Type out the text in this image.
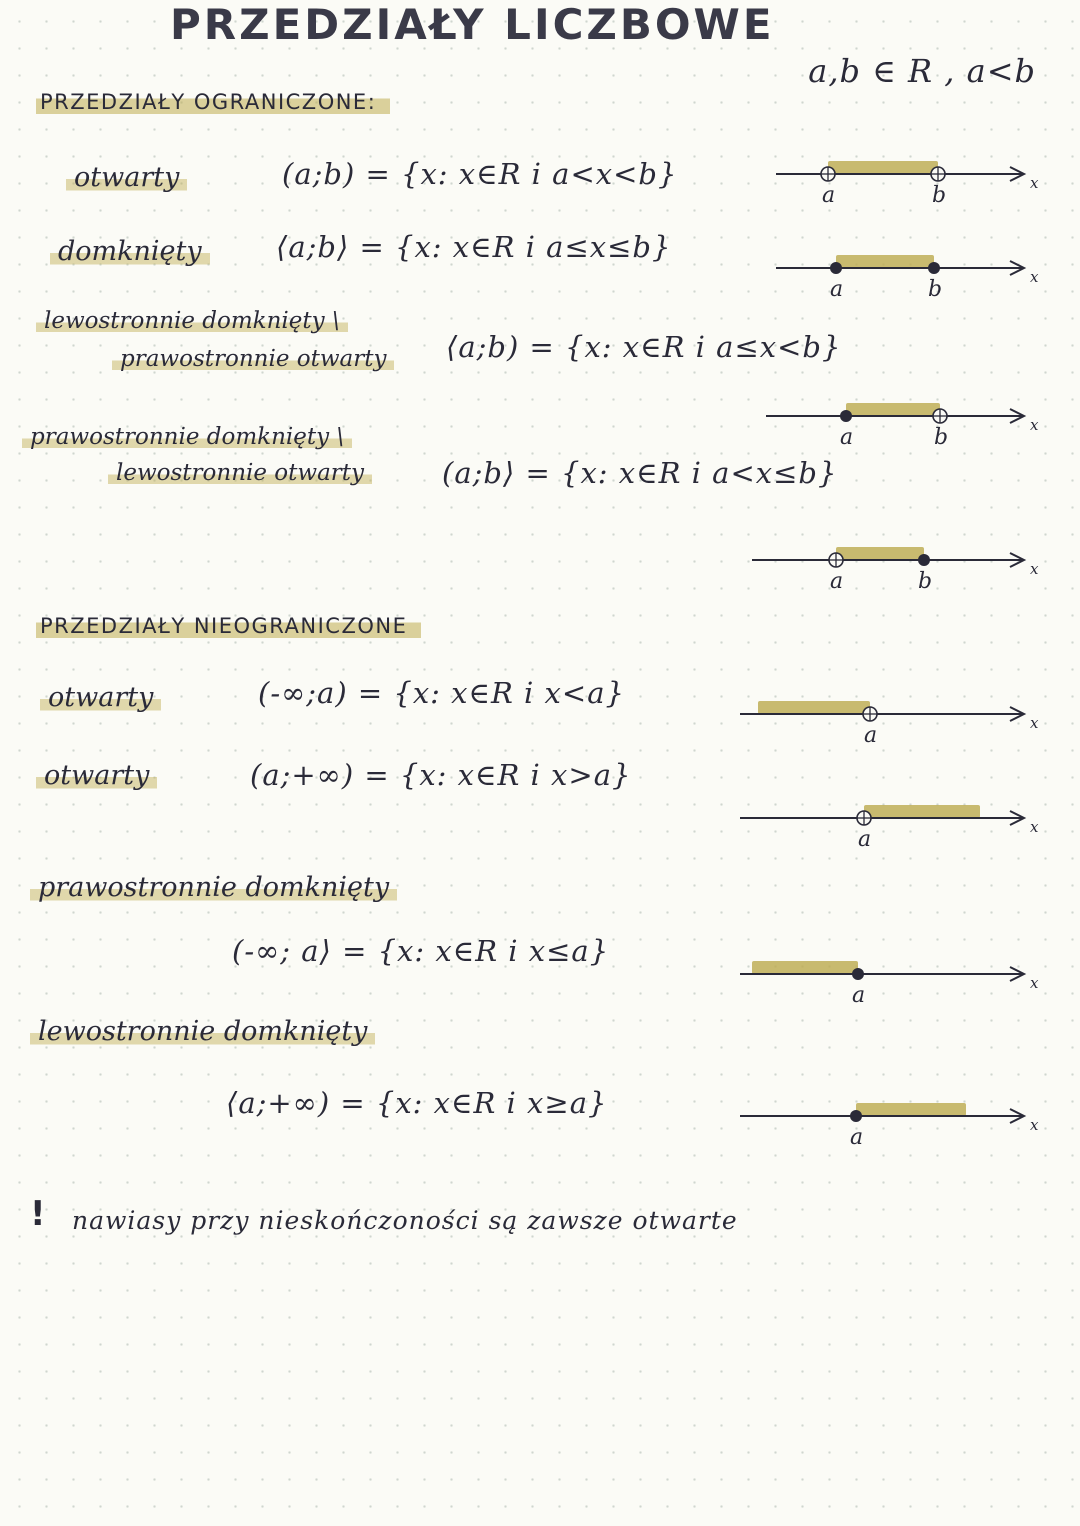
PRZEDZIAŁY LICZBOWE
a,b ∈ R , a<b
PRZEDZIAŁY OGRANICZONE:
otwarty	(a;b) = {x: x∈R i a<x<b}
domknięty	⟨a;b⟩ = {x: x∈R i a≤x≤b}
lewostronnie domknięty \
prawostronnie otwarty ⟨a;b) = {x: x∈R i a≤x<b}
prawostronnie domknięty \
lewostronnie otwarty	(a;b⟩ = {x: x∈R i a<x≤b}
PRZEDZIAŁY NIEOGRANICZONE
otwarty	(-∞;a) = {x: x∈R i x<a}
otwarty	(a;+∞) = {x: x∈R i x>a}
prawostronnie domknięty
(-∞; a⟩ = {x: x∈R i x≤a}
lewostronnie domknięty
⟨a;+∞) = {x: x∈R i x≥a}
! nawiasy przy nieskończoności są zawsze otwarte
x
a	b
x
a	b
x
a	b
x
a	b
x
a
x
a
x
a
x
a
